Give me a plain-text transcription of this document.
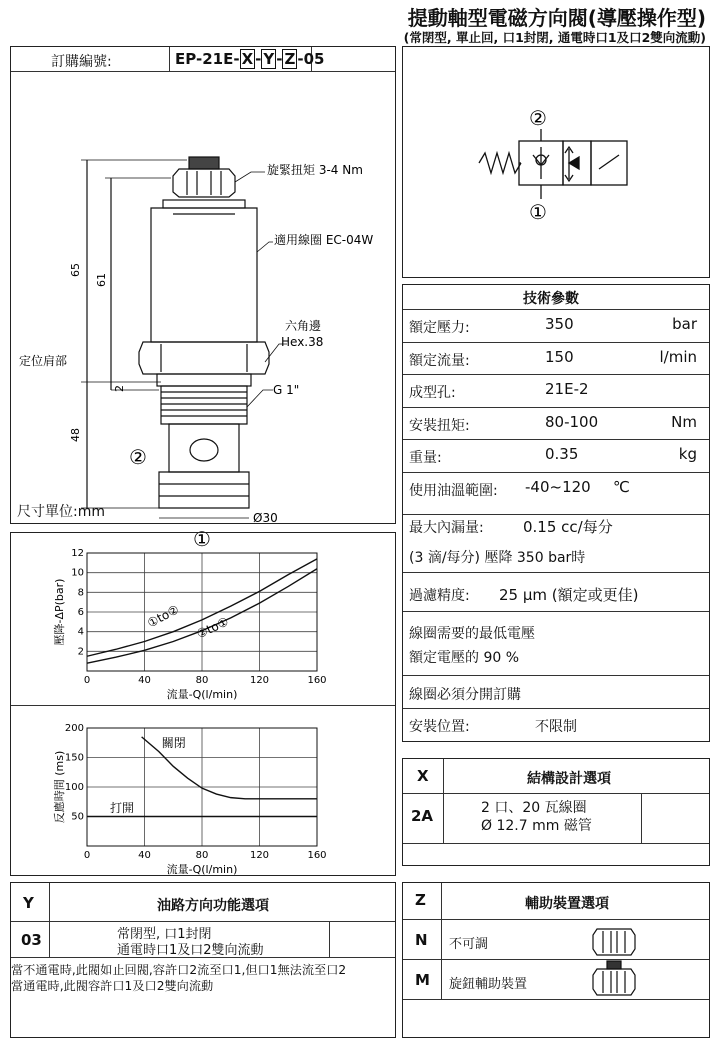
提動軸型電磁方向閥(導壓操作型)
(常閉型, 單止回, 口1封閉, 通電時口1及口2雙向流動)
訂購編號:	EP-21E- X - Y - Z -05
65
61
2
48
旋緊扭矩 3-4 Nm
適用線圈 EC-04W
六角邊
Hex.38
G 1"
定位肩部
Ø30
②
①
尺寸單位:mm
②
①
技術參數
額定壓力:	350	bar
額定流量:	150	l/min
成型孔:	21E-2
安裝扭矩:	80-100	Nm
重量:	0.35	kg
使用油溫範圍: -40~120 ℃
最大內漏量:	0.15 cc/每分
(3 滴/每分) 壓降 350 bar時
過濾精度: 25 μm (額定或更佳)
線圈需要的最低電壓
額定電壓的 90 %
線圈必須分開訂購
安裝位置:	不限制
0	40	80	120	160
2
4
6
8
10
12
①to② ②to①
流量-Q(l/min)
壓降-ΔP(bar)
0	40	80	120	160
50
100
150
200
關閉
打開
流量-Q(l/min)
反應時間 (ms)	X	結構設計選項
2A	2 口、20 瓦線圈
Ø 12.7 mm 磁管
Y	油路方向功能選項
03	常閉型, 口1封閉
通電時口1及口2雙向流動
當不通電時,此閥如止回閥,容許口2流至口1,但口1無法流至口2
當通電時,此閥容許口1及口2雙向流動
Z	輔助裝置選項
N 不可調
M 旋鈕輔助裝置
